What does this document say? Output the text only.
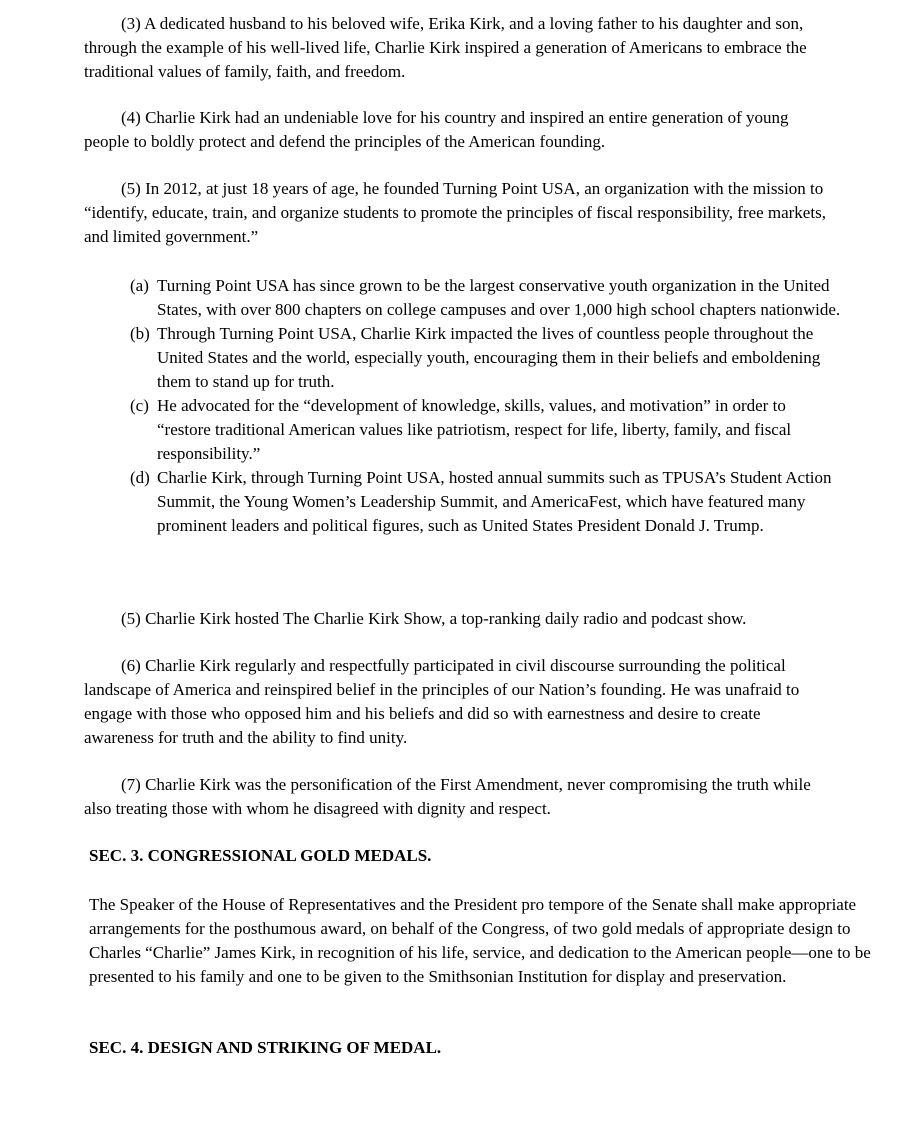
(3) A dedicated husband to his beloved wife, Erika Kirk, and a loving father to his daughter and son, through the example of his well-lived life, Charlie Kirk inspired a generation of Americans to embrace the traditional values of family, faith, and freedom.

(4) Charlie Kirk had an undeniable love for his country and inspired an entire generation of young people to boldly protect and defend the principles of the American founding.

(5) In 2012, at just 18 years of age, he founded Turning Point USA, an organization with the mission to “identify, educate, train, and organize students to promote the principles of fiscal responsibility, free markets, and limited government.”

(a) Turning Point USA has since grown to be the largest conservative youth organization in the United States, with over 800 chapters on college campuses and over 1,000 high school chapters nationwide.
(b) Through Turning Point USA, Charlie Kirk impacted the lives of countless people throughout the United States and the world, especially youth, encouraging them in their beliefs and emboldening them to stand up for truth.
(c) He advocated for the “development of knowledge, skills, values, and motivation” in order to “restore traditional American values like patriotism, respect for life, liberty, family, and fiscal responsibility.”
(d) Charlie Kirk, through Turning Point USA, hosted annual summits such as TPUSA’s Student Action Summit, the Young Women’s Leadership Summit, and AmericaFest, which have featured many prominent leaders and political figures, such as United States President Donald J. Trump.

(5) Charlie Kirk hosted The Charlie Kirk Show, a top-ranking daily radio and podcast show.

(6) Charlie Kirk regularly and respectfully participated in civil discourse surrounding the political landscape of America and reinspired belief in the principles of our Nation’s founding. He was unafraid to engage with those who opposed him and his beliefs and did so with earnestness and desire to create awareness for truth and the ability to find unity.

(7) Charlie Kirk was the personification of the First Amendment, never compromising the truth while also treating those with whom he disagreed with dignity and respect.

SEC. 3. CONGRESSIONAL GOLD MEDALS.

The Speaker of the House of Representatives and the President pro tempore of the Senate shall make appropriate arrangements for the posthumous award, on behalf of the Congress, of two gold medals of appropriate design to Charles “Charlie” James Kirk, in recognition of his life, service, and dedication to the American people—one to be presented to his family and one to be given to the Smithsonian Institution for display and preservation.

SEC. 4. DESIGN AND STRIKING OF MEDAL.
